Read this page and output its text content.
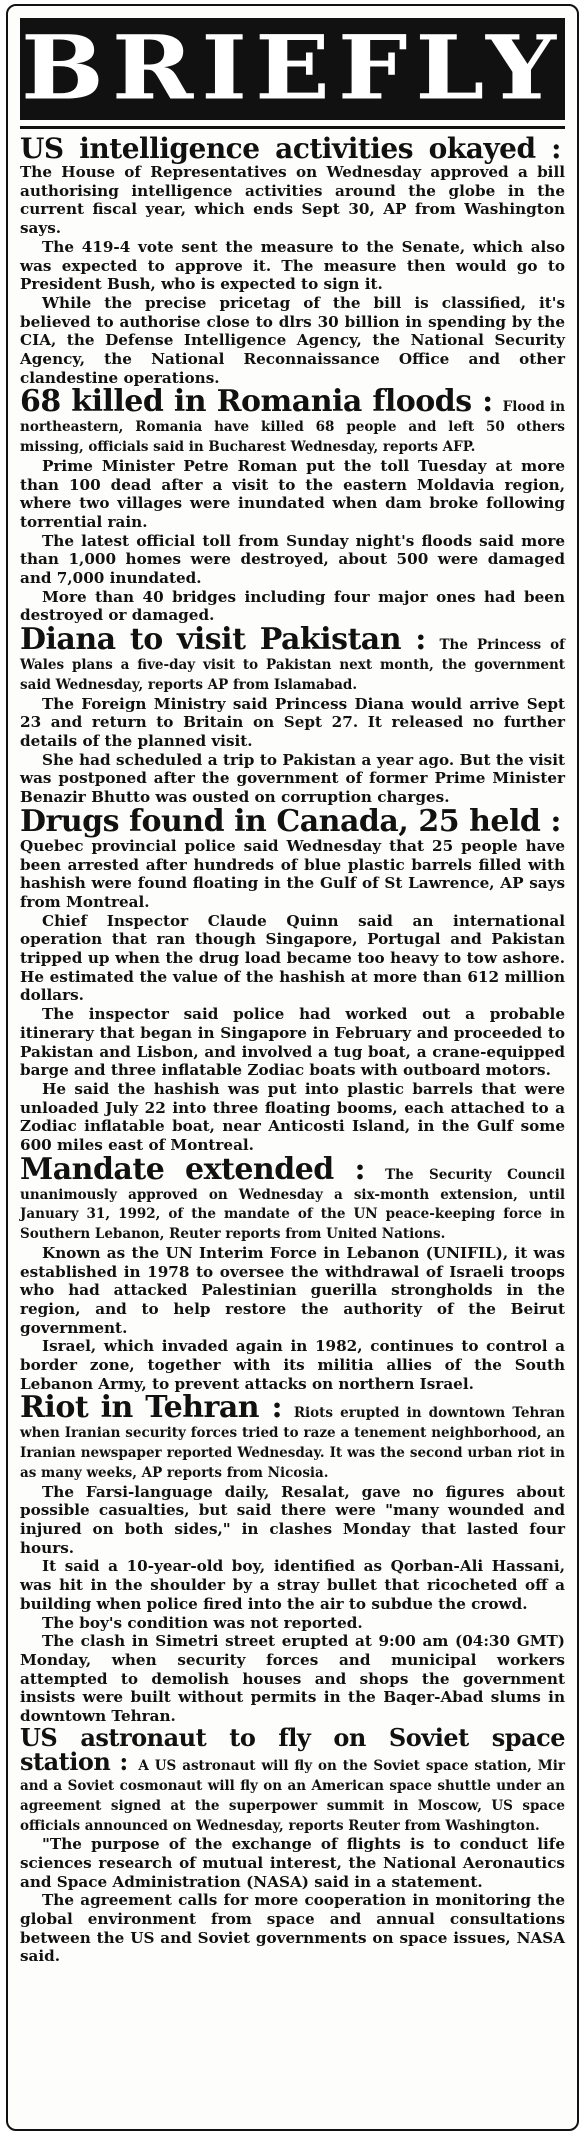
BRIEFLY

US intelligence activities okayed : The House of Representatives on Wednesday approved a bill authorising intelligence activities around the globe in the current fiscal year, which ends Sept 30, AP from Washington says.

The 419-4 vote sent the measure to the Senate, which also was expected to approve it. The measure then would go to President Bush, who is expected to sign it.

While the precise pricetag of the bill is classified, it's believed to authorise close to dlrs 30 billion in spending by the CIA, the Defense Intelligence Agency, the National Security Agency, the National Reconnaissance Office and other clandestine operations.

68 killed in Romania floods : Flood in northeastern, Romania have killed 68 people and left 50 others missing, officials said in Bucharest Wednesday, reports AFP.

Prime Minister Petre Roman put the toll Tuesday at more than 100 dead after a visit to the eastern Moldavia region, where two villages were inundated when dam broke following torrential rain.

The latest official toll from Sunday night's floods said more than 1,000 homes were destroyed, about 500 were damaged and 7,000 inundated.

More than 40 bridges including four major ones had been destroyed or damaged.

Diana to visit Pakistan : The Princess of Wales plans a five-day visit to Pakistan next month, the government said Wednesday, reports AP from Islamabad.

The Foreign Ministry said Princess Diana would arrive Sept 23 and return to Britain on Sept 27. It released no further details of the planned visit.

She had scheduled a trip to Pakistan a year ago. But the visit was postponed after the government of former Prime Minister Benazir Bhutto was ousted on corruption charges.

Drugs found in Canada, 25 held : Quebec provincial police said Wednesday that 25 people have been arrested after hundreds of blue plastic barrels filled with hashish were found floating in the Gulf of St Lawrence, AP says from Montreal.

Chief Inspector Claude Quinn said an international operation that ran though Singapore, Portugal and Pakistan tripped up when the drug load became too heavy to tow ashore. He estimated the value of the hashish at more than 612 million dollars.

The inspector said police had worked out a probable itinerary that began in Singapore in February and proceeded to Pakistan and Lisbon, and involved a tug boat, a crane-equipped barge and three inflatable Zodiac boats with outboard motors.

He said the hashish was put into plastic barrels that were unloaded July 22 into three floating booms, each attached to a Zodiac inflatable boat, near Anticosti Island, in the Gulf some 600 miles east of Montreal.

Mandate extended : The Security Council unanimously approved on Wednesday a six-month extension, until January 31, 1992, of the mandate of the UN peace-keeping force in Southern Lebanon, Reuter reports from United Nations.

Known as the UN Interim Force in Lebanon (UNIFIL), it was established in 1978 to oversee the withdrawal of Israeli troops who had attacked Palestinian guerilla strongholds in the region, and to help restore the authority of the Beirut government.

Israel, which invaded again in 1982, continues to control a border zone, together with its militia allies of the South Lebanon Army, to prevent attacks on northern Israel.

Riot in Tehran : Riots erupted in downtown Tehran when Iranian security forces tried to raze a tenement neighborhood, an Iranian newspaper reported Wednesday. It was the second urban riot in as many weeks, AP reports from Nicosia.

The Farsi-language daily, Resalat, gave no figures about possible casualties, but said there were "many wounded and injured on both sides," in clashes Monday that lasted four hours.

It said a 10-year-old boy, identified as Qorban-Ali Hassani, was hit in the shoulder by a stray bullet that ricocheted off a building when police fired into the air to subdue the crowd.

The boy's condition was not reported.

The clash in Simetri street erupted at 9:00 am (04:30 GMT) Monday, when security forces and municipal workers attempted to demolish houses and shops the government insists were built without permits in the Baqer-Abad slums in downtown Tehran.

US astronaut to fly on Soviet space station : A US astronaut will fly on the Soviet space station, Mir and a Soviet cosmonaut will fly on an American space shuttle under an agreement signed at the superpower summit in Moscow, US space officials announced on Wednesday, reports Reuter from Washington.

"The purpose of the exchange of flights is to conduct life sciences research of mutual interest, the National Aeronautics and Space Administration (NASA) said in a statement.

The agreement calls for more cooperation in monitoring the global environment from space and annual consultations between the US and Soviet governments on space issues, NASA said.
